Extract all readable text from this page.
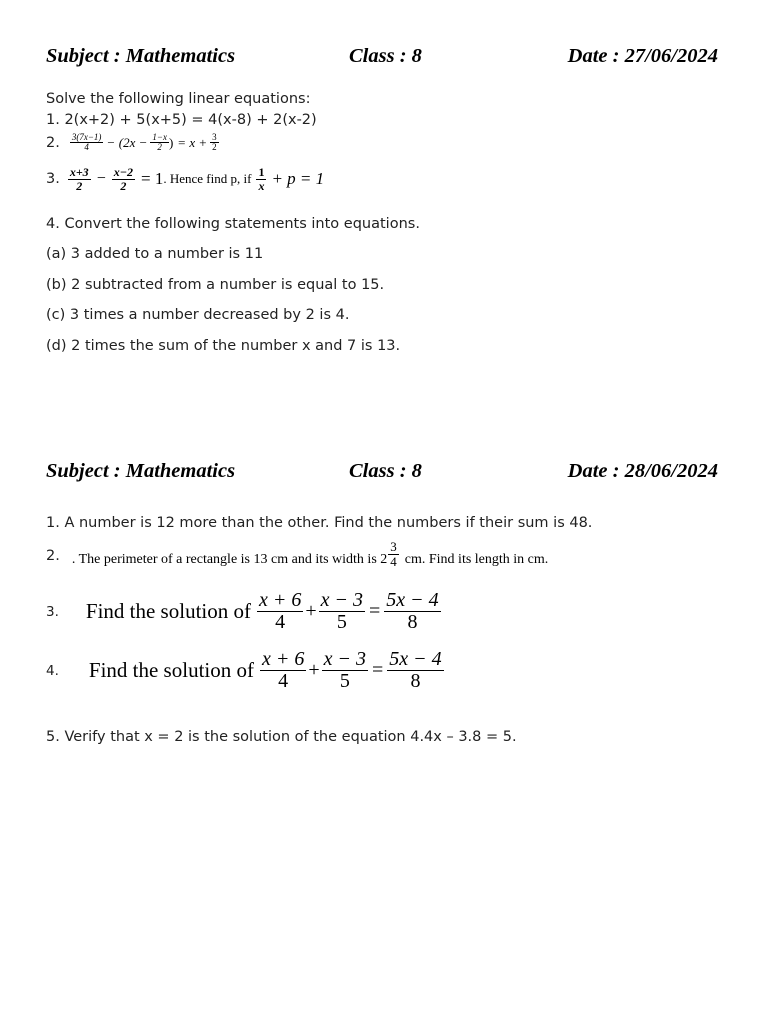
Subject : Mathematics	Class : 8	Date : 27/06/2024
Solve the following linear equations:
1. 2(x+2) + 5(x+5) = 4(x-8) + 2(x-2)
2. $\frac{3(7x-1)}{4} - (2x - \frac{1-x}{2}$ ) = $x + \frac{3}{2}$
3. $\frac{x+3}{2} - \frac{x-2}{2} = 1$ . Hence find p, if $\frac{1}{x} + p = 1$
4. Convert the following statements into equations.
(a) 3 added to a number is 11
(b) 2 subtracted from a number is equal to 15.
(c) 3 times a number decreased by 2 is 4.
(d) 2 times the sum of the number x and 7 is 13.
Subject : Mathematics	Class : 8	Date : 28/06/2024
1. A number is 12 more than the other. Find the numbers if their sum is 48.
2. . The perimeter of a rectangle is 13 cm and its width is $2 \frac{3}{4}$ cm. Find its length in cm.
3. Find the solution of $\frac{x + 6}{4} + \frac{x - 3}{5} = \frac{5x - 4}{8}$
4. Find the solution of $\frac{x + 6}{4} + \frac{x - 3}{5} = \frac{5x - 4}{8}$
5. Verify that x = 2 is the solution of the equation 4.4x – 3.8 = 5.
